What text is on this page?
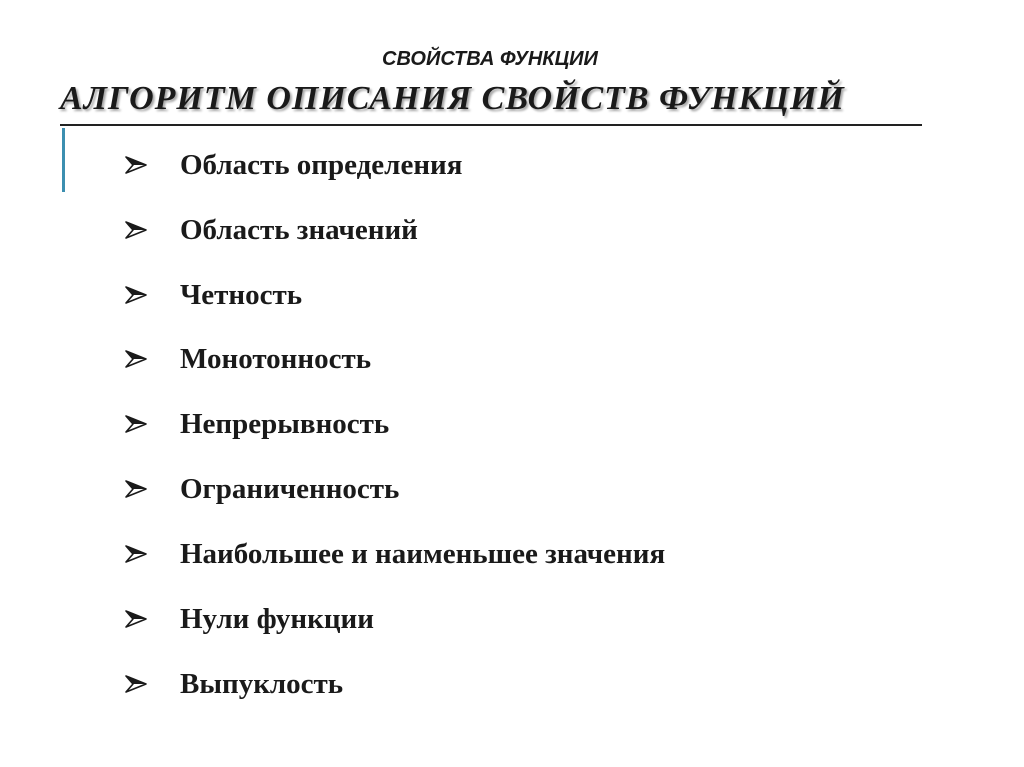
СВОЙСТВА ФУНКЦИИ
АЛГОРИТМ ОПИСАНИЯ СВОЙСТВ ФУНКЦИЙ
Область определения
Область значений
Четность
Монотонность
Непрерывность
Ограниченность
Наибольшее и наименьшее значения
Нули функции
Выпуклость
